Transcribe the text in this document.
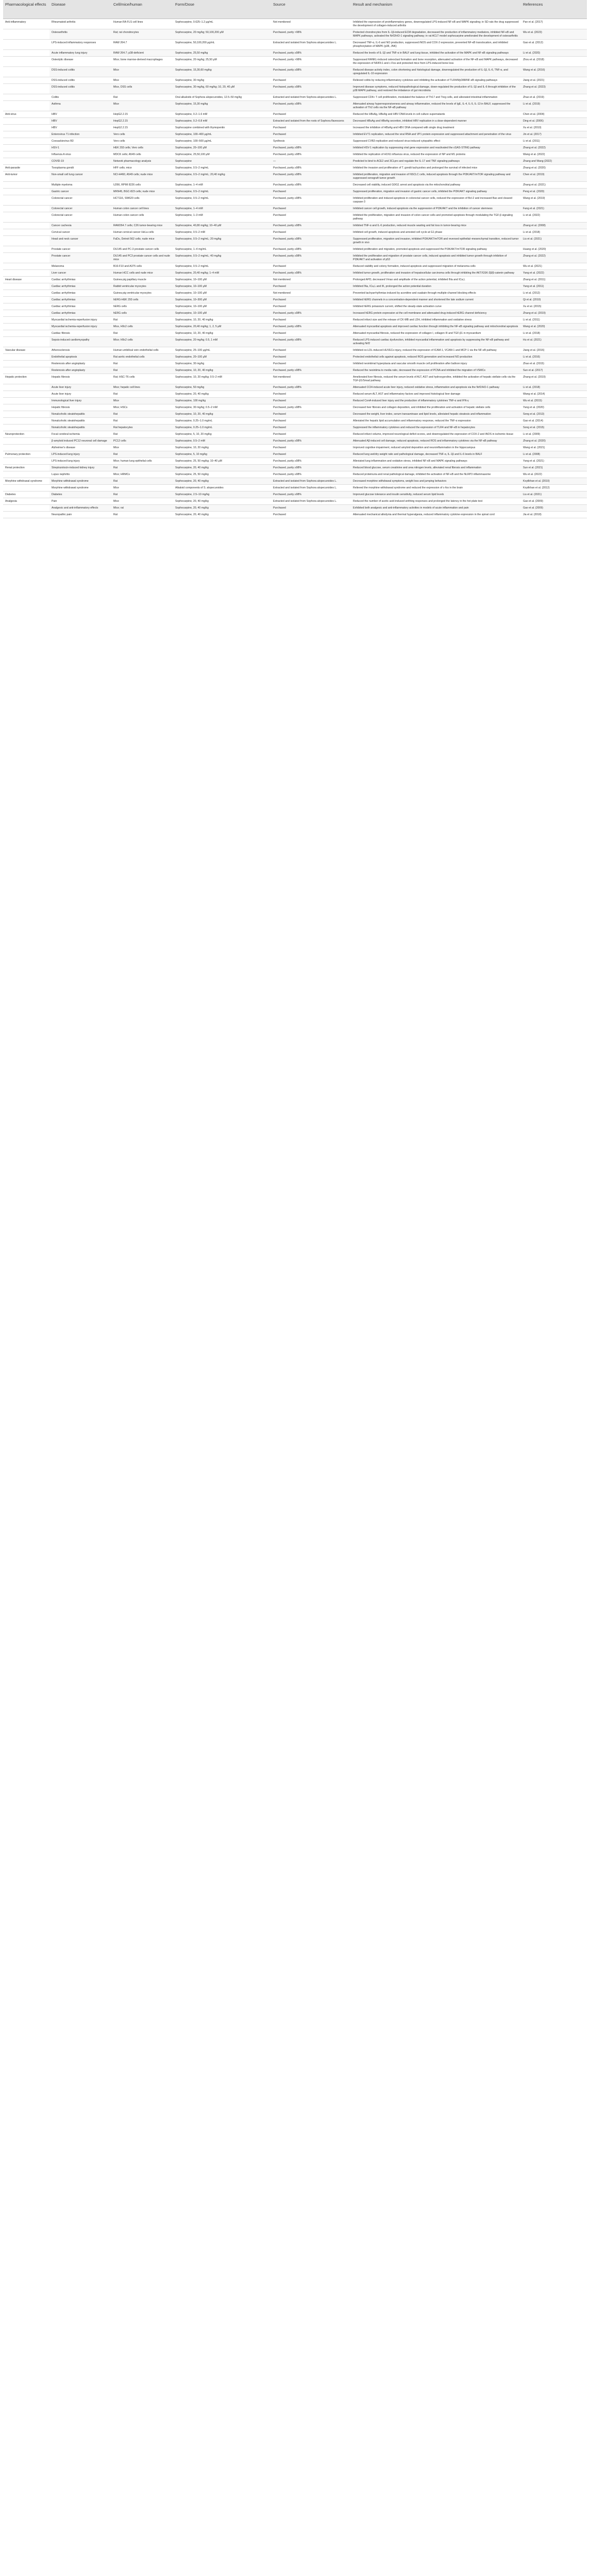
Pharmacological effects	Disease	Cell/mice/human	Form/Dose	Source	Result and mechanism	References
Anti-inflammatory	Rheumatoid arthritis	Human RA FLS cell lines	Sophocarpine, 0.625–1.2 μg/mL	Not mentioned	Inhibited the expression of proinflammatory genes, downregulated LPS-induced NF-κB and MAPK signaling; in SD rats the drug suppressed the development of collagen-induced arthritis	Pan et al. (2017)
	Osteoarthritis	Rat; rat chondrocytes	Sophocarpine, 20 mg/kg; 50,100,200 μM	Purchased, purity >98%	Protected chondrocytes from IL-1β-induced ECM degradation, decreased the production of inflammatory mediators, inhibited NF-κB and MAPK pathways, activated the Nrf2/HO-1 signaling pathway; in rat ACLT model sophocarpine ameliorated the development of osteoarthritis	Wu et al. (2023)
	LPS-induced inflammatory responses	RAW 264.7	Sophocarpine, 50,100,200 μg/mL	Extracted and isolated from Sophora alopecuroides L.	Decreased TNF-α, IL-6 and NO production, suppressed iNOS and COX-2 expression, prevented NF-κB translocation, and inhibited phosphorylation of MAPK (p38, JNK)	Gao et al. (2012)
	Acute inflammatory lung injury	RAW 264.7; p38-deficient	Sophocarpine, 25,50 mg/kg	Purchased, purity ≥98%	Reduced the levels of IL-1β and TNF-α in BALF and lung tissue, inhibited the activation of the MAPK and NF-κB signaling pathways	Li et al. (2020)
	Osteolytic disease	Mice; bone marrow-derived macrophages	Sophocarpine, 20 mg/kg; 25,50 μM	Purchased, purity >98%	Suppressed RANKL-induced osteoclast formation and bone resorption, attenuated activation of the NF-κB and MAPK pathways, decreased the expression of NFATc1 and c-Fos and protected mice from LPS-induced bone loss	Zhou et al. (2018)
	DSS-induced colitis	Mice	Sophocarpine, 15,30,60 mg/kg	Purchased, purity ≥98%	Reduced disease activity index, colon shortening and histological damage, downregulated the production of IL-1β, IL-6, TNF-α, and upregulated IL-10 expression	Wang et al. (2016)
	DSS-induced colitis	Mice	Sophocarpine, 30 mg/kg	Purchased	Relieved colitis by reducing inflammatory cytokines and inhibiting the activation of TLR4/MyD88/NF-κB signaling pathways	Jiang et al. (2021)
	DSS-induced colitis	Mice, DSS cells	Sophocarpine, 30 mg/kg, 60 mg/kg; 10, 20, 40 μM	Purchased, purity ≥98%	Improved disease symptoms, reduced histopathological damage, down-regulated the production of IL-1β and IL-6 through inhibition of the p38 MAPK pathway, and restored the imbalance of gut microbiota	Zhang et al. (2023)
	Colitis	Rat	Oral alkaloids of Sophora alopecuroides, 12.5–50 mg/kg	Extracted and isolated from Sophora alopecuroides L.	Suppressed CD4+ T cell proliferation, modulated the balance of Th17 and Treg cells, and alleviated intestinal inflammation	Zhao et al. (2019)
	Asthma	Mice	Sophocarpine, 15,30 mg/kg	Purchased, purity ≥98%	Attenuated airway hyperresponsiveness and airway inflammation, reduced the levels of IgE, IL-4, IL-5, IL-13 in BALF, suppressed the activation of Th2 cells via the NF-κB pathway	Li et al. (2019)
Anti-virus	HBV	HepG2.2.15	Sophocarpine, 0.2–1.6 mM	Purchased	Reduced the HBsAg, HBeAg and HBV DNA levels in cell culture supernatants	Chen et al. (2004)
	HBV	HepG2.2.15	Sophocarpine, 0.2–0.8 mM	Extracted and isolated from the roots of Sophora flavescens	Decreased HBsAg and HBeAg secretion, inhibited HBV replication in a dose-dependent manner	Ding et al. (2006)
	HBV	HepG2.2.15	Sophocarpine combined with thymopentin	Purchased	Increased the inhibition of HBsAg and HBV DNA compared with single drug treatment	Xu et al. (2010)
	Enterovirus 71 infection	Vero cells	Sophocarpine, 100–400 μg/mL	Purchased	Inhibited EV71 replication, reduced the viral RNA and VP1 protein expression and suppressed attachment and penetration of the virus	Jin et al. (2017)
	Coxsackievirus B3	Vero cells	Sophocarpine, 100–500 μg/mL	Synthesis	Suppressed CVB3 replication and reduced virus-induced cytopathic effect	Li et al. (2011)
	HSV-1	HEK 293 cells; Vero cells	Sophocarpine, 20–100 μM	Purchased, purity ≥98%	Inhibited HSV-1 replication by suppressing viral gene expression and reactivated the cGAS-STING pathway	Zhang et al. (2022)
	Influenza A virus	MDCK cells; A549 cells	Sophocarpine, 25,50,100 μM	Purchased, purity ≥98%	Inhibited the replication of H1N1 influenza virus, reduced the expression of NP and M1 proteins	Wang et al. (2022)
	COVID-19	Network pharmacology analysis	Sophocarpine	—	Predicted to bind to ACE2 and 3CLpro and regulate the IL-17 and TNF signaling pathways	Zhang and Wang (2022)
Anti-parasite	Toxoplasma gondii	HFF cells; mice	Sophocarpine, 0.5–2 mg/mL	Purchased, purity ≥98%	Inhibited the invasion and proliferation of T. gondii tachyzoites and prolonged the survival of infected mice	Zhang et al. (2020)
Anti-tumor	Non-small cell lung cancer	NCI-H460, A549 cells; nude mice	Sophocarpine, 0.5–2 mg/mL; 20,40 mg/kg	Purchased, purity ≥98%	Inhibited proliferation, migration and invasion of NSCLC cells, induced apoptosis through the PI3K/AKT/mTOR signaling pathway and suppressed xenograft tumor growth	Chen et al. (2019)
	Multiple myeloma	U266, RPMI 8226 cells	Sophocarpine, 1–4 mM	Purchased, purity ≥98%	Decreased cell viability, induced G0/G1 arrest and apoptosis via the mitochondrial pathway	Zhang et al. (2021)
	Gastric cancer	MKN45, BGC-823 cells; nude mice	Sophocarpine, 0.5–2 mg/mL	Purchased	Suppressed proliferation, migration and invasion of gastric cancer cells, inhibited the PI3K/AKT signaling pathway	Peng et al. (2020)
	Colorectal cancer	HCT116, SW620 cells	Sophocarpine, 0.5–2 mg/mL	Purchased, purity ≥98%	Inhibited proliferation and induced apoptosis in colorectal cancer cells, reduced the expression of Bcl-2 and increased Bax and cleaved caspase-3	Wang et al. (2019)
	Colorectal cancer	Human colon cancer cell lines	Sophocarpine, 1–4 mM	Purchased	Inhibited cancer cell growth, induced apoptosis via the suppression of PI3K/AKT and the inhibition of cancer stemness	Fang et al. (2021)
	Colorectal cancer	Human colon cancer cells	Sophocarpine, 1–3 mM	Purchased	Inhibited the proliferation, migration and invasion of colon cancer cells and promoted apoptosis through modulating the TGF-β signaling pathway	Li et al. (2022)
	Cancer cachexia	RAW264.7 cells; C26 tumor-bearing mice	Sophocarpine, 40,80 mg/kg; 10–40 μM	Purchased, purity ≥98%	Inhibited TNF-α and IL-6 production, reduced muscle wasting and fat loss in tumor-bearing mice	Zhang et al. (2008)
	Cervical cancer	Human cervical cancer HeLa cells	Sophocarpine, 0.5–2 mM	Purchased	Inhibited cell growth, induced apoptosis and arrested cell cycle at G1 phase	Li et al. (2018)
	Head and neck cancer	FaDu, Detroit 562 cells; nude mice	Sophocarpine, 0.5–2 mg/mL; 20 mg/kg	Purchased, purity ≥98%	Suppressed proliferation, migration and invasion, inhibited PI3K/AKT/mTOR and reversed epithelial–mesenchymal transition, reduced tumor growth in vivo	Liu et al. (2021)
	Prostate cancer	DU145 and PC-3 prostate cancer cells	Sophocarpine, 1–4 mg/mL	Purchased, purity ≥98%	Inhibited proliferation and migration, promoted apoptosis and suppressed the PI3K/AKT/mTOR signaling pathway	Huang et al. (2020)
	Prostate cancer	DU145 and PC3 prostate cancer cells and nude mice	Sophocarpine, 0.5–2 mg/mL; 40 mg/kg	Purchased, purity ≥98%	Inhibited the proliferation and migration of prostate cancer cells, induced apoptosis and inhibited tumor growth through inhibition of PI3K/AKT and activation of p53	Zhang et al. (2022)
	Melanoma	B16-F10 and A375 cells	Sophocarpine, 0.5–2 mg/mL	Purchased	Reduced viability and colony formation, induced apoptosis and suppressed migration of melanoma cells	Wu et al. (2021)
	Liver cancer	Human HCC cells and nude mice	Sophocarpine, 20,40 mg/kg; 1–4 mM	Purchased, purity ≥98%	Inhibited tumor growth, proliferation and invasion of hepatocellular carcinoma cells through inhibiting the AKT/GSK-3β/β-catenin pathway	Yang et al. (2022)
Heart disease	Cardiac arrhythmias	Guinea pig papillary muscle	Sophocarpine, 10–100 μM	Not mentioned	Prolonged APD, decreased Vmax and amplitude of the action potential, inhibited INa and ICa,L	Zhang et al. (2011)
	Cardiac arrhythmias	Rabbit ventricular myocytes	Sophocarpine, 10–100 μM	Purchased	Inhibited INa, ICa,L and IK, prolonged the action potential duration	Yang et al. (2011)
	Cardiac arrhythmias	Guinea pig ventricular myocytes	Sophocarpine, 10–100 μM	Not mentioned	Prevented tachyarrhythmias induced by aconitine and ouabain through multiple-channel blocking effects	Li et al. (2012)
	Cardiac arrhythmias	hERG-HEK 293 cells	Sophocarpine, 10–300 μM	Purchased	Inhibited hERG channels in a concentration-dependent manner and shortened the late sodium current	Qi et al. (2010)
	Cardiac arrhythmias	hERG cells	Sophocarpine, 10–100 μM	Purchased	Inhibited hERG potassium current, shifted the steady-state activation curve	Xu et al. (2015)
	Cardiac arrhythmias	hERG cells	Sophocarpine, 10–100 μM	Purchased, purity ≥98%	Increased hERG protein expression at the cell membrane and attenuated drug-induced hERG channel deficiency	Zhang et al. (2019)
	Myocardial ischemia-reperfusion injury	Rat	Sophocarpine, 10, 20, 40 mg/kg	Purchased	Reduced infarct size and the release of CK-MB and LDH, inhibited inflammation and oxidative stress	Li et al. (2011)
	Myocardial ischemia-reperfusion injury	Mice, H9c2 cells	Sophocarpine, 20,40 mg/kg; 1, 2, 5 μM	Purchased, purity ≥98%	Attenuated myocardial apoptosis and improved cardiac function through inhibiting the NF-κB signaling pathway and mitochondrial apoptosis	Wang et al. (2020)
	Cardiac fibrosis	Rat	Sophocarpine, 10, 20, 40 mg/kg	Purchased	Attenuated myocardial fibrosis, reduced the expression of collagen I, collagen III and TGF-β1 in myocardium	Li et al. (2018)
	Sepsis-induced cardiomyopathy	Mice; H9c2 cells	Sophocarpine, 20 mg/kg; 0.5, 1 mM	Purchased, purity ≥98%	Reduced LPS-induced cardiac dysfunction, inhibited myocardial inflammation and apoptosis by suppressing the NF-κB pathway and activating Nrf2	Hu et al. (2021)
Vascular disease	Atherosclerosis	Human umbilical vein endothelial cells	Sophocarpine, 25–100 μg/mL	Purchased	Inhibited ox-LDL-induced HUVECs injury, reduced the expression of ICAM-1, VCAM-1 and MCP-1 via the NF-κB pathway	Jiang et al. (2016)
	Endothelial apoptosis	Rat aortic endothelial cells	Sophocarpine, 20–100 μM	Purchased	Protected endothelial cells against apoptosis, reduced ROS generation and increased NO production	Li et al. (2016)
	Restenosis after angioplasty	Rat	Sophocarpine, 30 mg/kg	Purchased	Inhibited neointimal hyperplasia and vascular smooth muscle cell proliferation after balloon injury	Zhao et al. (2015)
	Restenosis after angioplasty	Rat	Sophocarpine, 10, 20, 40 mg/kg	Purchased, purity ≥98%	Reduced the neointima to media ratio, decreased the expression of PCNA and inhibited the migration of VSMCs	Sun et al. (2017)
Hepatic protection	Hepatic fibrosis	Rat; HSC-T6 cells	Sophocarpine, 10, 20 mg/kg; 0.5–2 mM	Not mentioned	Ameliorated liver fibrosis, reduced the serum levels of ALT, AST and hydroxyproline, inhibited the activation of hepatic stellate cells via the TGF-β1/Smad pathway	Zhang et al. (2019)
	Acute liver injury	Mice; hepatic cell lines	Sophocarpine, 50 mg/kg	Purchased, purity ≥98%	Attenuated CCl4-induced acute liver injury, reduced oxidative stress, inflammation and apoptosis via the Nrf2/HO-1 pathway	Li et al. (2018)
	Acute liver injury	Rat	Sophocarpine, 20, 40 mg/kg	Purchased	Reduced serum ALT, AST and inflammatory factors and improved histological liver damage	Wang et al. (2014)
	Immunological liver injury	Mice	Sophocarpine, 100 mg/kg	Purchased	Reduced ConA-induced liver injury and the production of inflammatory cytokines TNF-α and IFN-γ	Wu et al. (2015)
	Hepatic fibrosis	Mice; HSCs	Sophocarpine, 30 mg/kg; 0.5–2 mM	Purchased, purity ≥98%	Decreased liver fibrosis and collagen deposition, and inhibited the proliferation and activation of hepatic stellate cells	Yang et al. (2020)
	Nonalcoholic steatohepatitis	Rat	Sophocarpine, 10, 20, 40 mg/kg	Purchased	Decreased the weight, liver index, serum transaminase and lipid levels, alleviated hepatic steatosis and inflammation	Song et al. (2013)
	Nonalcoholic steatohepatitis	Rat	Sophocarpine, 0.25–1.0 mg/mL	Purchased	Alleviated the hepatic lipid accumulation and inflammatory response, reduced the TNF-α expression	Gao et al. (2014)
	Nonalcoholic steatohepatitis	Rat hepatocytes	Sophocarpine, 0.25–1.0 mg/mL	Purchased	Suppressed the inflammatory cytokines and reduced the expression of TLR4 and NF-κB in hepatocytes	Song et al. (2015)
Neuroprotection	Focal cerebral ischemia	Rat	Sophocarpine, 5, 10, 20 mg/kg	Purchased	Reduced infarct volume, improved neurological deficit scores, and downregulated the expression of COX-2 and iNOS in ischemic tissue	Li et al. (2009)
	β-amyloid induced PC12 neuronal cell damage	PC12 cells	Sophocarpine, 0.5–2 mM	Purchased, purity ≥98%	Attenuated Aβ-induced cell damage, reduced apoptosis, reduced ROS and inflammatory cytokines via the NF-κB pathway	Zhang et al. (2020)
	Alzheimer's disease	Mice	Sophocarpine, 10, 20 mg/kg	Purchased	Improved cognitive impairment, reduced amyloid deposition and neuroinflammation in the hippocampus	Wang et al. (2021)
Pulmonary protection	LPS-induced lung injury	Rat	Sophocarpine, 5, 10 mg/kg	Purchased	Reduced lung wet/dry weight ratio and pathological damage, decreased TNF-α, IL-1β and IL-6 levels in BALF	Li et al. (2008)
	LPS-induced lung injury	Mice; human lung epithelial cells	Sophocarpine, 25, 50 mg/kg; 10–40 μM	Purchased, purity ≥98%	Alleviated lung inflammation and oxidative stress, inhibited NF-κB and MAPK signaling pathways	Yang et al. (2021)
Renal protection	Streptozotocin-induced kidney injury	Rat	Sophocarpine, 20, 40 mg/kg	Purchased, purity ≥98%	Reduced blood glucose, serum creatinine and urea nitrogen levels, alleviated renal fibrosis and inflammation	Sun et al. (2021)
	Lupus nephritis	Mice; HRMCs	Sophocarpine, 25, 50 mg/kg	Purchased, purity ≥98%	Reduced proteinuria and renal pathological damage, inhibited the activation of NF-κB and the NLRP3 inflammasome	Wu et al. (2022)
Morphine withdrawal syndrome	Morphine withdrawal syndrome	Rat	Sophocarpine, 20, 40 mg/kg	Extracted and isolated from Sophora alopecuroides L.	Decreased morphine withdrawal symptoms, weight loss and jumping behaviors	Koyilkhan et al. (2010)
	Morphine withdrawal syndrome	Mice	Alkaloid components of S. alopecuroides	Extracted and isolated from Sophora alopecuroides L.	Relieved the morphine withdrawal syndrome and reduced the expression of c-fos in the brain	Koyilkhan et al. (2012)
Diabetes	Diabetes	Rat	Sophocarpine, 2.5–10 mg/kg	Purchased, purity ≥98%	Improved glucose tolerance and insulin sensitivity, reduced serum lipid levels	Liu et al. (2021)
Analgesia	Pain	Mice	Sophocarpine, 20, 40 mg/kg	Extracted and isolated from Sophora alopecuroides L.	Reduced the number of acetic acid-induced writhing responses and prolonged the latency in the hot plate test	Gao et al. (2009)
	Analgesic and anti-inflammatory effects	Mice; rat	Sophocarpine, 20, 40 mg/kg	Purchased	Exhibited both analgesic and anti-inflammatory activities in models of acute inflammation and pain	Gao et al. (2009)
	Neuropathic pain	Rat	Sophocarpine, 20, 40 mg/kg	Purchased	Attenuated mechanical allodynia and thermal hyperalgesia, reduced inflammatory cytokine expression in the spinal cord	Jia et al. (2018)
